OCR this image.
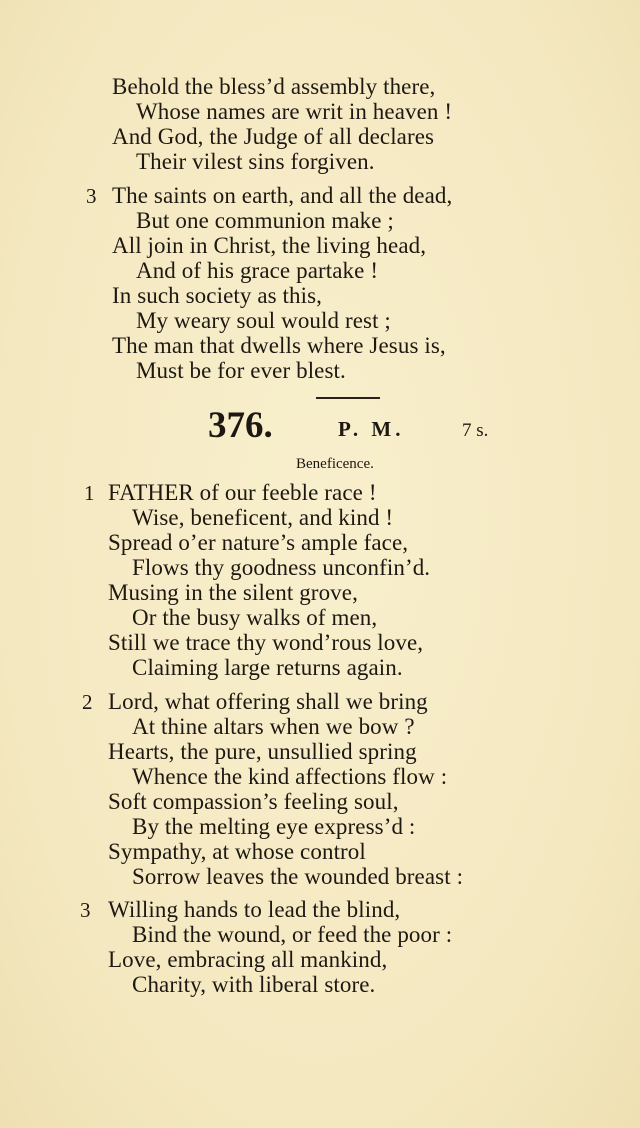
Behold the bless’d assembly there,
Whose names are writ in heaven !
And God, the Judge of all declares
Their vilest sins forgiven.
3 The saints on earth, and all the dead,
But one communion make ;
All join in Christ, the living head,
And of his grace partake !
In such society as this,
My weary soul would rest ;
The man that dwells where Jesus is,
Must be for ever blest.
376.	P. M.	7 s.
Beneficence.
1 FATHER of our feeble race !
Wise, beneficent, and kind !
Spread o’er nature’s ample face,
Flows thy goodness unconfin’d.
Musing in the silent grove,
Or the busy walks of men,
Still we trace thy wond’rous love,
Claiming large returns again.
2 Lord, what offering shall we bring
At thine altars when we bow ?
Hearts, the pure, unsullied spring
Whence the kind affections flow :
Soft compassion’s feeling soul,
By the melting eye express’d :
Sympathy, at whose control
Sorrow leaves the wounded breast :
3 Willing hands to lead the blind,
Bind the wound, or feed the poor :
Love, embracing all mankind,
Charity, with liberal store.
